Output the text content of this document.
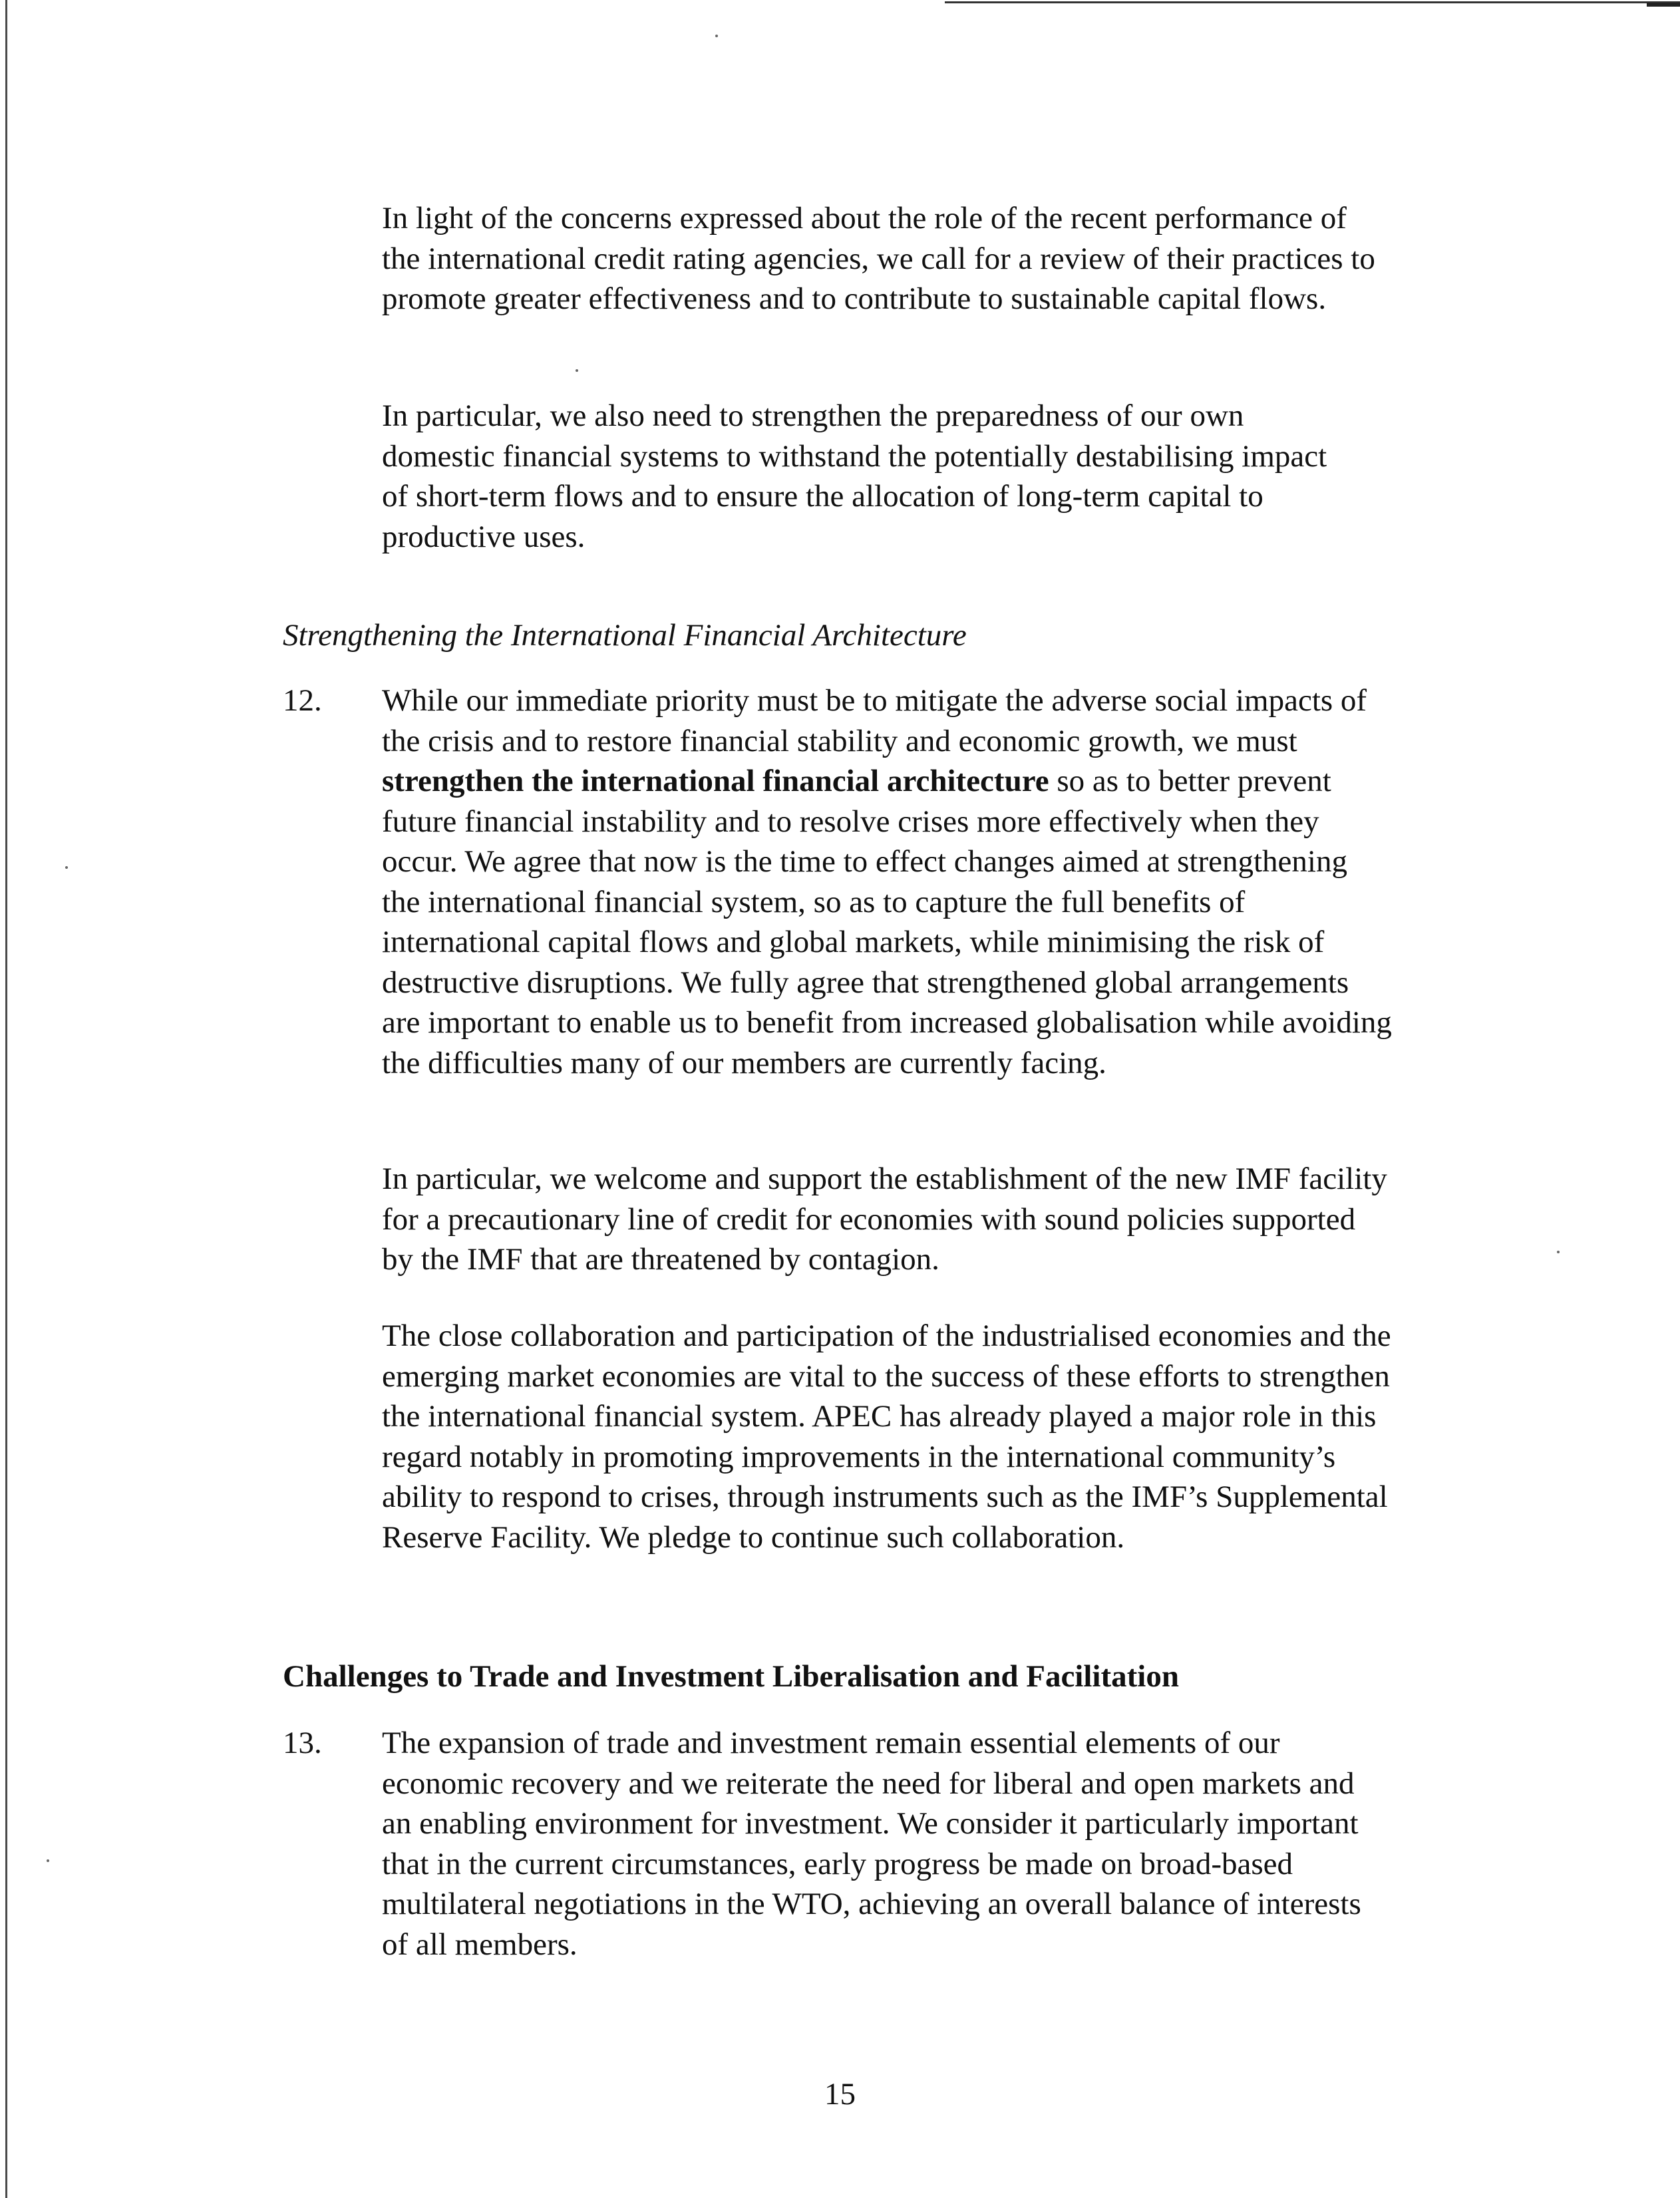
In light of the concerns expressed about the role of the recent performance of the international credit rating agencies, we call for a review of their practices to promote greater effectiveness and to contribute to sustainable capital flows.

In particular, we also need to strengthen the preparedness of our own domestic financial systems to withstand the potentially destabilising impact of short-term flows and to ensure the allocation of long-term capital to productive uses.

Strengthening the International Financial Architecture
12. While our immediate priority must be to mitigate the adverse social impacts of the crisis and to restore financial stability and economic growth, we must strengthen the international financial architecture so as to better prevent future financial instability and to resolve crises more effectively when they occur. We agree that now is the time to effect changes aimed at strengthening the international financial system, so as to capture the full benefits of international capital flows and global markets, while minimising the risk of destructive disruptions. We fully agree that strengthened global arrangements are important to enable us to benefit from increased globalisation while avoiding the difficulties many of our members are currently facing.

In particular, we welcome and support the establishment of the new IMF facility for a precautionary line of credit for economies with sound policies supported by the IMF that are threatened by contagion.

The close collaboration and participation of the industrialised economies and the emerging market economies are vital to the success of these efforts to strengthen the international financial system. APEC has already played a major role in this regard notably in promoting improvements in the international community’s ability to respond to crises, through instruments such as the IMF’s Supplemental Reserve Facility. We pledge to continue such collaboration.

Challenges to Trade and Investment Liberalisation and Facilitation
13. The expansion of trade and investment remain essential elements of our economic recovery and we reiterate the need for liberal and open markets and an enabling environment for investment. We consider it particularly important that in the current circumstances, early progress be made on broad-based multilateral negotiations in the WTO, achieving an overall balance of interests of all members.

15
